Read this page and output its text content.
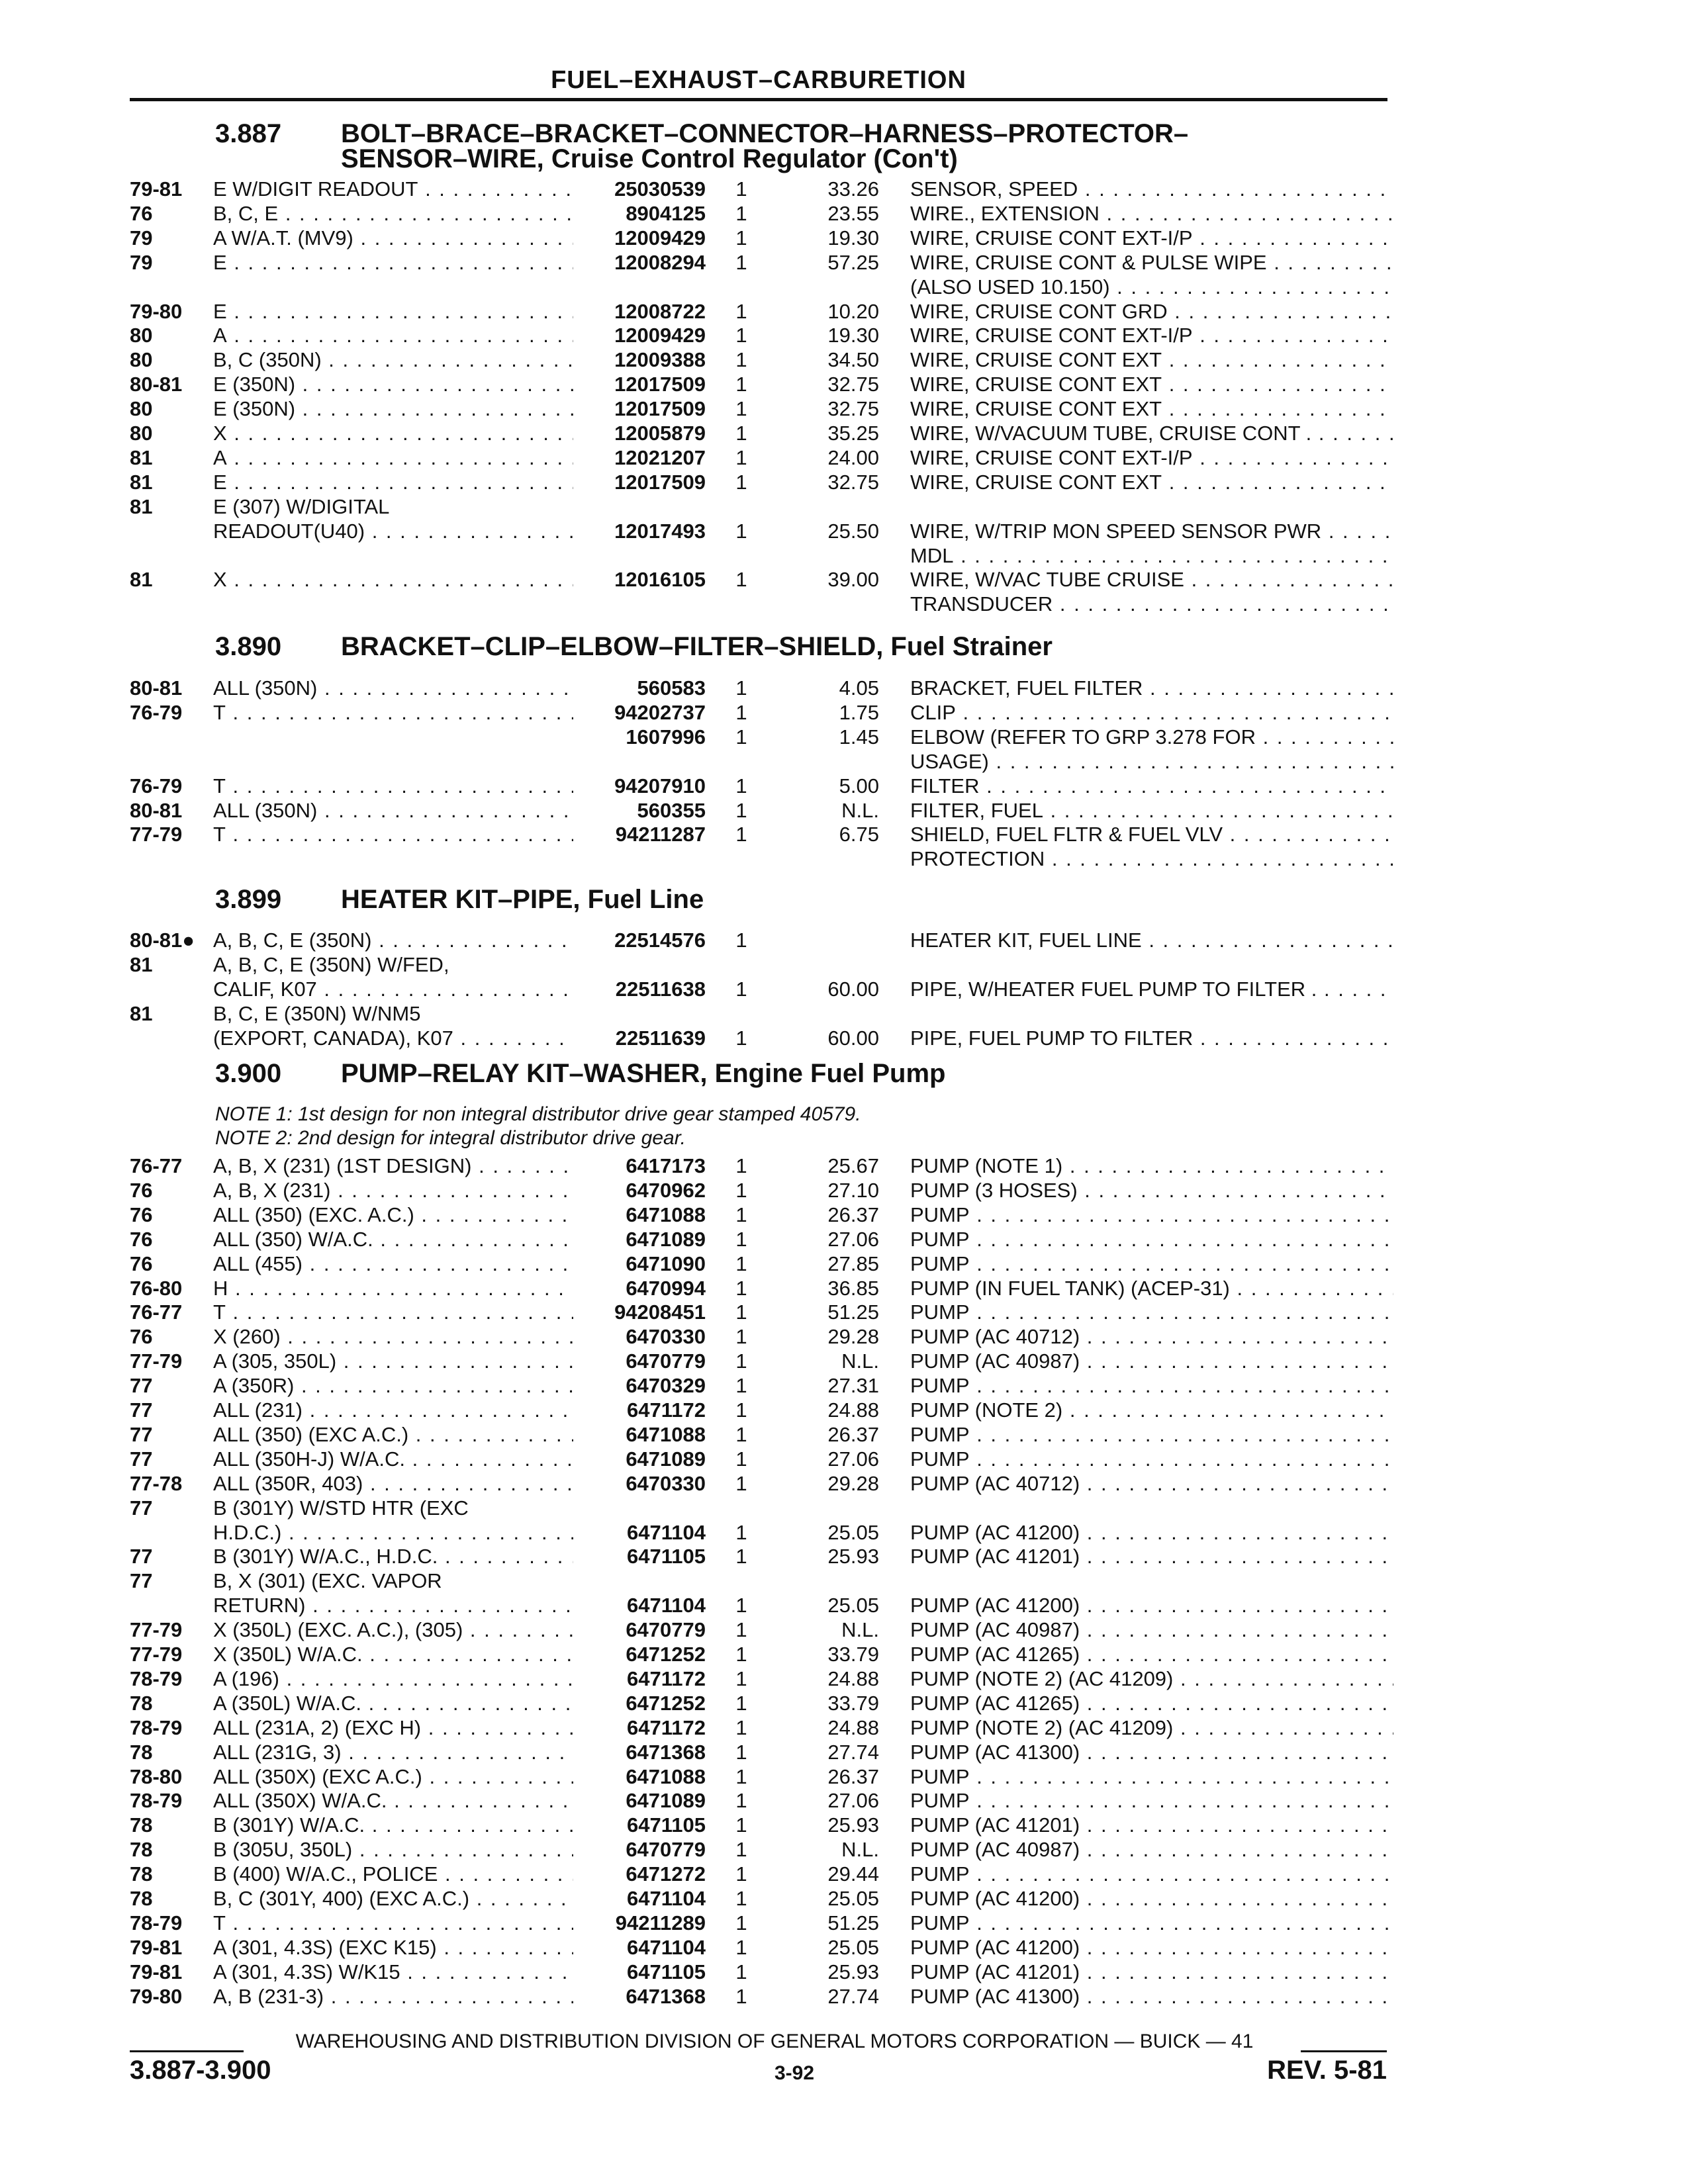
FUEL–EXHAUST–CARBURETION
3.887 BOLT–BRACE–BRACKET–CONNECTOR–HARNESS–PROTECTOR–
SENSOR–WIRE, Cruise Control Regulator (Con't)
79-81	E W/DIGIT READOUT . . .	25030539	1	33.26 SENSOR, SPEED . . .
76	B, C, E . . .	8904125	1	23.55 WIRE., EXTENSION . . .
79	A W/A.T. (MV9) . . .	12009429	1	19.30 WIRE, CRUISE CONT EXT-I/P . . .
79	E . . .	12008294	1	57.25 WIRE, CRUISE CONT & PULSE WIPE . . .
(ALSO USED 10.150) . . .
79-80	E . . .	12008722	1	10.20 WIRE, CRUISE CONT GRD . . .
80	A . . .	12009429	1	19.30 WIRE, CRUISE CONT EXT-I/P . . .
80	B, C (350N) . . .	12009388	1	34.50 WIRE, CRUISE CONT EXT . . .
80-81	E (350N) . . .	12017509	1	32.75 WIRE, CRUISE CONT EXT . . .
80	E (350N) . . .	12017509	1	32.75 WIRE, CRUISE CONT EXT . . .
80	X . . .	12005879	1	35.25 WIRE, W/VACUUM TUBE, CRUISE CONT . . . .
81	A . . .	12021207	1	24.00 WIRE, CRUISE CONT EXT-I/P . . .
81	E . . .	12017509	1	32.75 WIRE, CRUISE CONT EXT . . .
81	E (307) W/DIGITAL
READOUT(U40) . . .	12017493	1	25.50 WIRE, W/TRIP MON SPEED SENSOR PWR . . .
MDL . . .
81	X . . .	12016105	1	39.00 WIRE, W/VAC TUBE CRUISE . . .
TRANSDUCER . . .
3.890 BRACKET–CLIP–ELBOW–FILTER–SHIELD, Fuel Strainer
80-81	ALL (350N) . . .	560583	1	4.05 BRACKET, FUEL FILTER . . .
76-79	T . . .	94202737	1	1.75 CLIP . . .
1607996	1	1.45 ELBOW (REFER TO GRP 3.278 FOR . . .
USAGE) . . .
76-79	T . . .	94207910	1	5.00 FILTER . . .
80-81	ALL (350N) . . .	560355	1	N.L. FILTER, FUEL . . .
77-79	T . . .	94211287	1	6.75 SHIELD, FUEL FLTR & FUEL VLV . . .
PROTECTION . . .
3.899 HEATER KIT–PIPE, Fuel Line
80-81● A, B, C, E (350N) . . .	22514576	1	HEATER KIT, FUEL LINE . . .
81	A, B, C, E (350N) W/FED,
CALIF, K07 . . .	22511638	1	60.00 PIPE, W/HEATER FUEL PUMP TO FILTER . . . .
81	B, C, E (350N) W/NM5
(EXPORT, CANADA), K07 . . .	22511639	1	60.00 PIPE, FUEL PUMP TO FILTER . . .
3.900 PUMP–RELAY KIT–WASHER, Engine Fuel Pump
NOTE 1: 1st design for non integral distributor drive gear stamped 40579.
NOTE 2: 2nd design for integral distributor drive gear.
76-77	A, B, X (231) (1ST DESIGN) . . .	6417173	1	25.67 PUMP (NOTE 1) . . .
76	A, B, X (231) . . .	6470962	1	27.10 PUMP (3 HOSES) . . .
76	ALL (350) (EXC. A.C.) . . .	6471088	1	26.37 PUMP . . .
76	ALL (350) W/A.C. . . .	6471089	1	27.06 PUMP . . .
76	ALL (455) . . .	6471090	1	27.85 PUMP . . .
76-80	H . . .	6470994	1	36.85 PUMP (IN FUEL TANK) (ACEP-31) . . .
76-77	T . . .	94208451	1	51.25 PUMP . . .
76	X (260) . . .	6470330	1	29.28 PUMP (AC 40712) . . .
77-79	A (305, 350L) . . .	6470779	1	N.L. PUMP (AC 40987) . . .
77	A (350R) . . .	6470329	1	27.31 PUMP . . .
77	ALL (231) . . .	6471172	1	24.88 PUMP (NOTE 2) . . .
77	ALL (350) (EXC A.C.) . . .	6471088	1	26.37 PUMP . . .
77	ALL (350H-J) W/A.C. . . .	6471089	1	27.06 PUMP . . .
77-78	ALL (350R, 403) . . .	6470330	1	29.28 PUMP (AC 40712) . . .
77	B (301Y) W/STD HTR (EXC
H.D.C.) . . .	6471104	1	25.05 PUMP (AC 41200) . . .
77	B (301Y) W/A.C., H.D.C. . . .	6471105	1	25.93 PUMP (AC 41201) . . .
77	B, X (301) (EXC. VAPOR
RETURN) . . .	6471104	1	25.05 PUMP (AC 41200) . . .
77-79	X (350L) (EXC. A.C.), (305) . . .	6470779	1	N.L. PUMP (AC 40987) . . .
77-79	X (350L) W/A.C. . . .	6471252	1	33.79 PUMP (AC 41265) . . .
78-79	A (196) . . .	6471172	1	24.88 PUMP (NOTE 2) (AC 41209) . . .
78	A (350L) W/A.C. . . .	6471252	1	33.79 PUMP (AC 41265) . . .
78-79	ALL (231A, 2) (EXC H) . . .	6471172	1	24.88 PUMP (NOTE 2) (AC 41209) . . .
78	ALL (231G, 3) . . .	6471368	1	27.74 PUMP (AC 41300) . . .
78-80	ALL (350X) (EXC A.C.) . . .	6471088	1	26.37 PUMP . . .
78-79	ALL (350X) W/A.C. . . .	6471089	1	27.06 PUMP . . .
78	B (301Y) W/A.C. . . .	6471105	1	25.93 PUMP (AC 41201) . . .
78	B (305U, 350L) . . .	6470779	1	N.L. PUMP (AC 40987) . . .
78	B (400) W/A.C., POLICE . . .	6471272	1	29.44 PUMP . . .
78	B, C (301Y, 400) (EXC A.C.) . . .	6471104	1	25.05 PUMP (AC 41200) . . .
78-79	T . . .	94211289	1	51.25 PUMP . . .
79-81	A (301, 4.3S) (EXC K15) . . .	6471104	1	25.05 PUMP (AC 41200) . . .
79-81	A (301, 4.3S) W/K15 . . .	6471105	1	25.93 PUMP (AC 41201) . . .
79-80	A, B (231-3) . . .	6471368	1	27.74 PUMP (AC 41300) . . .
WAREHOUSING AND DISTRIBUTION DIVISION OF GENERAL MOTORS CORPORATION — BUICK — 41
3.887-3.900	3-92	REV. 5-81
